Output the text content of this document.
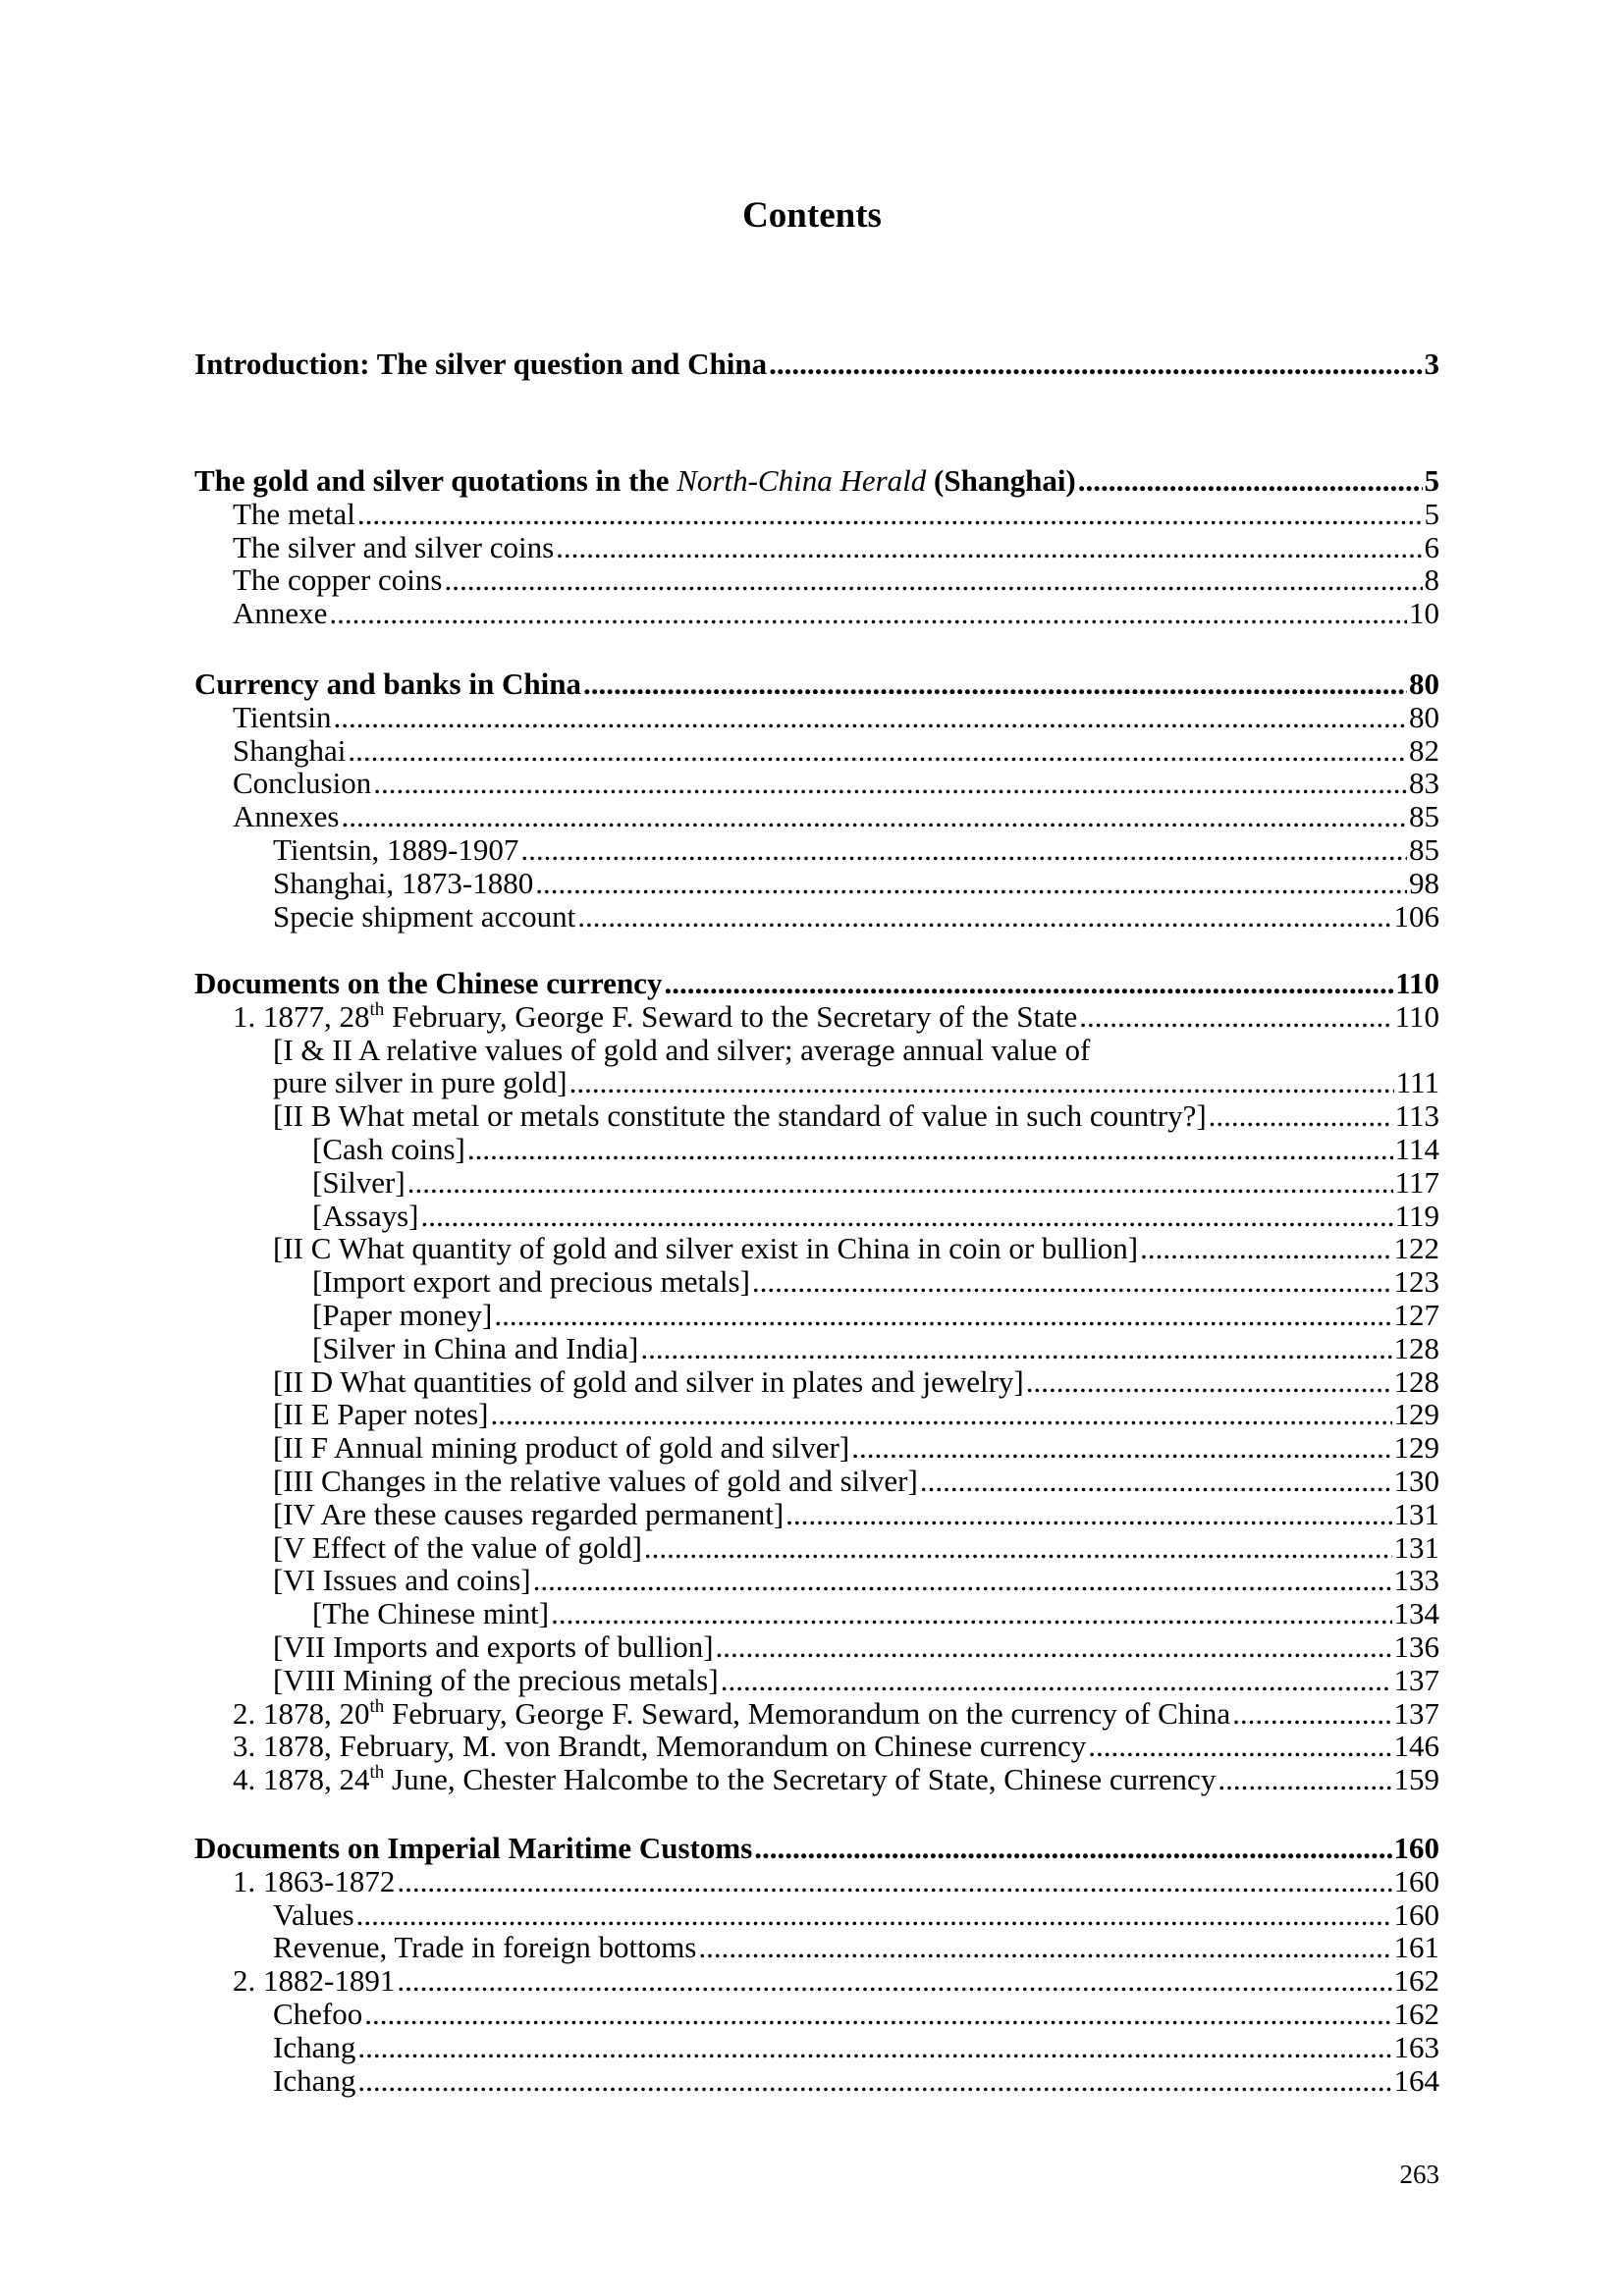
Contents
Introduction: The silver question and China .....	3
The gold and silver quotations in the North-China Herald (Shanghai) .....	5
The metal .....	5
The silver and silver coins .....	6
The copper coins .....	8
Annexe .....	10
Currency and banks in China .....	80
Tientsin .....	80
Shanghai .....	82
Conclusion .....	83
Annexes .....	85
Tientsin, 1889-1907 .....	85
Shanghai, 1873-1880 .....	98
Specie shipment account .....	106
Documents on the Chinese currency .....	110
1. 1877, 28th February, George F. Seward to the Secretary of the State .....	110
[I & II A relative values of gold and silver; average annual value of
pure silver in pure gold] .....	111
[II B What metal or metals constitute the standard of value in such country?] .....	113
[Cash coins] .....	114
[Silver] .....	117
[Assays] .....	119
[II C What quantity of gold and silver exist in China in coin or bullion] .....	122
[Import export and precious metals] .....	123
[Paper money] .....	127
[Silver in China and India] .....	128
[II D What quantities of gold and silver in plates and jewelry] .....	128
[II E Paper notes] .....	129
[II F Annual mining product of gold and silver] .....	129
[III Changes in the relative values of gold and silver] .....	130
[IV Are these causes regarded permanent] .....	131
[V Effect of the value of gold] .....	131
[VI Issues and coins] .....	133
[The Chinese mint] .....	134
[VII Imports and exports of bullion] .....	136
[VIII Mining of the precious metals] .....	137
2. 1878, 20th February, George F. Seward, Memorandum on the currency of China .....	137
3. 1878, February, M. von Brandt, Memorandum on Chinese currency .....	146
4. 1878, 24th June, Chester Halcombe to the Secretary of State, Chinese currency .....	159
Documents on Imperial Maritime Customs .....	160
1. 1863-1872 .....	160
Values .....	160
Revenue, Trade in foreign bottoms .....	161
2. 1882-1891 .....	162
Chefoo .....	162
Ichang .....	163
Ichang .....	164
263
